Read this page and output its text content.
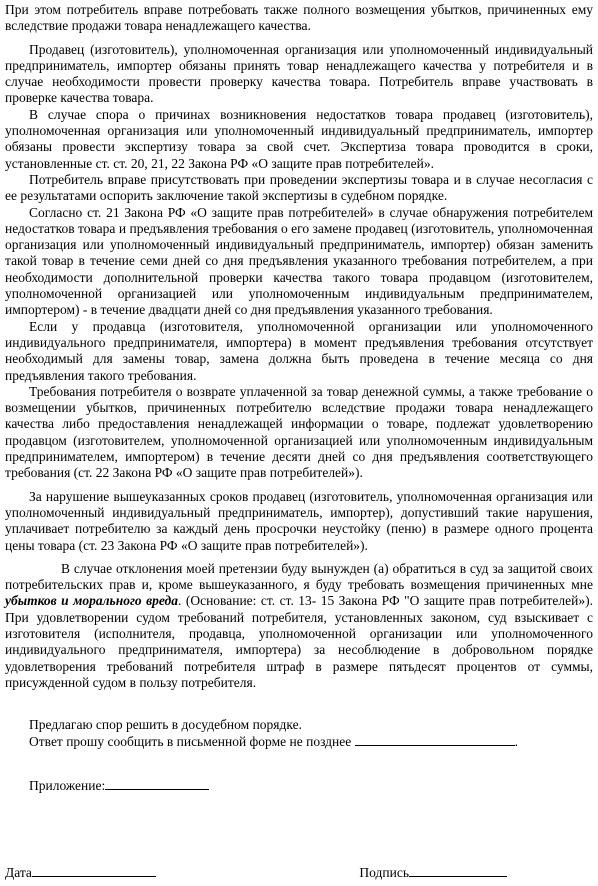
При этом потребитель вправе потребовать также полного возмещения убытков, причиненных ему вследствие продажи товара ненадлежащего качества.

Продавец (изготовитель), уполномоченная организация или уполномоченный индивидуальный предприниматель, импортер обязаны принять товар ненадлежащего качества у потребителя и в случае необходимости провести проверку качества товара. Потребитель вправе участвовать в проверке качества товара.

В случае спора о причинах возникновения недостатков товара продавец (изготовитель), уполномоченная организация или уполномоченный индивидуальный предприниматель, импортер обязаны провести экспертизу товара за свой счет. Экспертиза товара проводится в сроки, установленные ст. ст. 20, 21, 22 Закона РФ «О защите прав потребителей».

Потребитель вправе присутствовать при проведении экспертизы товара и в случае несогласия с ее результатами оспорить заключение такой экспертизы в судебном порядке.

Согласно ст. 21 Закона РФ «О защите прав потребителей» в случае обнаружения потребителем недостатков товара и предъявления требования о его замене продавец (изготовитель, уполномоченная организация или уполномоченный индивидуальный предприниматель, импортер) обязан заменить такой товар в течение семи дней со дня предъявления указанного требования потребителем, а при необходимости дополнительной проверки качества такого товара продавцом (изготовителем, уполномоченной организацией или уполномоченным индивидуальным предпринимателем, импортером) - в течение двадцати дней со дня предъявления указанного требования.

Если у продавца (изготовителя, уполномоченной организации или уполномоченного индивидуального предпринимателя, импортера) в момент предъявления требования отсутствует необходимый для замены товар, замена должна быть проведена в течение месяца со дня предъявления такого требования.

Требования потребителя о возврате уплаченной за товар денежной суммы, а также требование о возмещении убытков, причиненных потребителю вследствие продажи товара ненадлежащего качества либо предоставления ненадлежащей информации о товаре, подлежат удовлетворению продавцом (изготовителем, уполномоченной организацией или уполномоченным индивидуальным предпринимателем, импортером) в течение десяти дней со дня предъявления соответствующего требования (ст. 22 Закона РФ «О защите прав потребителей»).

За нарушение вышеуказанных сроков продавец (изготовитель, уполномоченная организация или уполномоченный индивидуальный предприниматель, импортер), допустивший такие нарушения, уплачивает потребителю за каждый день просрочки неустойку (пеню) в размере одного процента цены товара (ст. 23 Закона РФ «О защите прав потребителей»).

В случае отклонения моей претензии буду вынужден (а) обратиться в суд за защитой своих потребительских прав и, кроме вышеуказанного, я буду требовать возмещения причиненных мне убытков и морального вреда. (Основание: ст. ст. 13- 15 Закона РФ "О защите прав потребителей»). При удовлетворении судом требований потребителя, установленных законом, суд взыскивает с изготовителя (исполнителя, продавца, уполномоченной организации или уполномоченного индивидуального предпринимателя, импортера) за несоблюдение в добровольном порядке удовлетворения требований потребителя штраф в размере пятьдесят процентов от суммы, присужденной судом в пользу потребителя.

Предлагаю спор решить в досудебном порядке.

Ответ прошу сообщить в письменной форме не позднее	.

Приложение:

Дата	Подпись
